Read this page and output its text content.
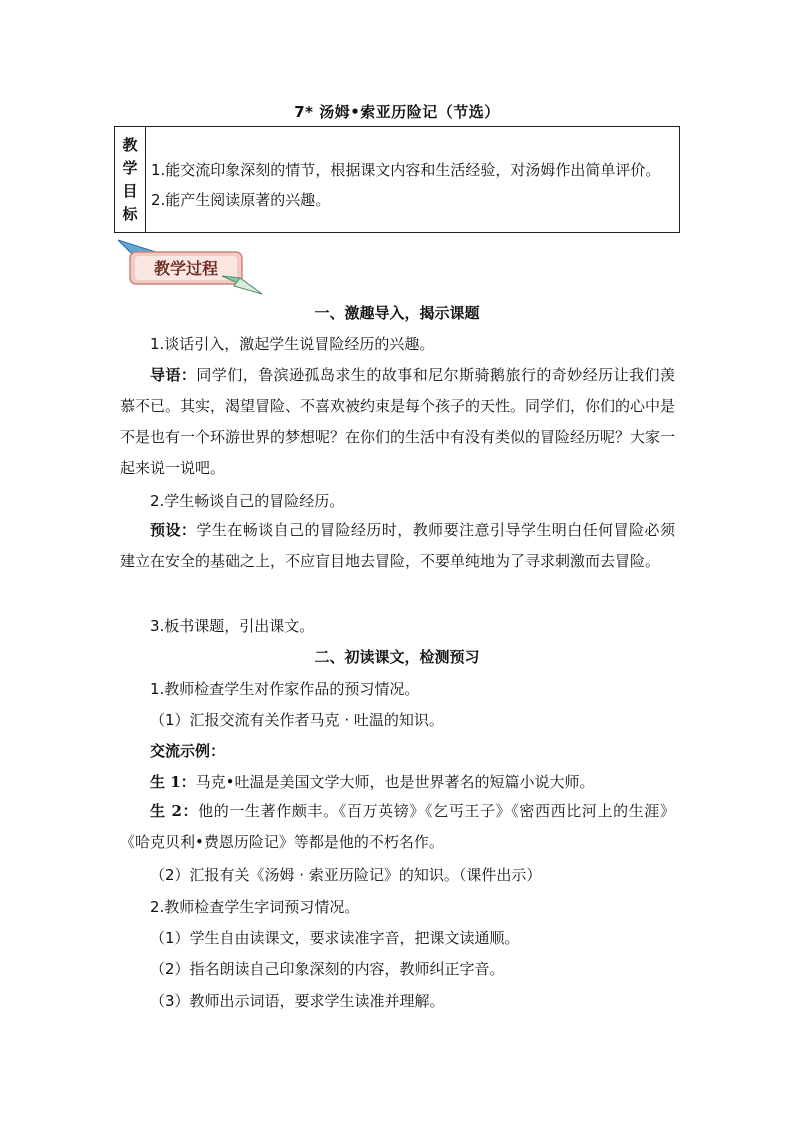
7* 汤姆•索亚历险记（节选）
教
学
目
标
1.能交流印象深刻的情节，根据课文内容和生活经验，对汤姆作出简单评价。
2.能产生阅读原著的兴趣。
教学过程
一、激趣导入，揭示课题
1.谈话引入，激起学生说冒险经历的兴趣。
导语：同学们，鲁滨逊孤岛求生的故事和尼尔斯骑鹅旅行的奇妙经历让我们羡慕不已。其实，渴望冒险、不喜欢被约束是每个孩子的天性。同学们，你们的心中是不是也有一个环游世界的梦想呢？在你们的生活中有没有类似的冒险经历呢？大家一起来说一说吧。
2.学生畅谈自己的冒险经历。
预设：学生在畅谈自己的冒险经历时，教师要注意引导学生明白任何冒险必须建立在安全的基础之上，不应盲目地去冒险，不要单纯地为了寻求刺激而去冒险。
3.板书课题，引出课文。
二、初读课文，检测预习
1.教师检查学生对作家作品的预习情况。
（1）汇报交流有关作者马克 · 吐温的知识。
交流示例：
生 1：马克•吐温是美国文学大师，也是世界著名的短篇小说大师。
生 2：他的一生著作颇丰。《百万英镑》《乞丐王子》《密西西比河上的生涯》《哈克贝利•费恩历险记》等都是他的不朽名作。
（2）汇报有关《汤姆 · 索亚历险记》的知识。（课件出示）
2.教师检查学生字词预习情况。
（1）学生自由读课文，要求读准字音，把课文读通顺。
（2）指名朗读自己印象深刻的内容，教师纠正字音。
（3）教师出示词语，要求学生读准并理解。
